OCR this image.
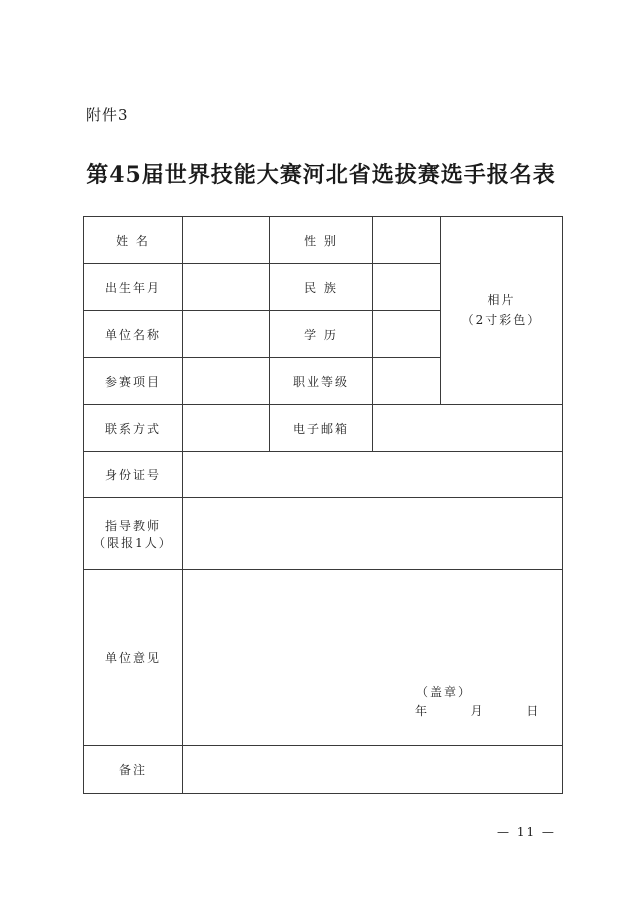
附件3
第45届世界技能大赛河北省选拔赛选手报名表
姓 名		性 别		相片
（2寸彩色）

出生年月		民 族		
单位名称		学 历		
参赛项目		职业等级		
联系方式		电子邮箱		
身份证号				

指导教师
（限报1人）				

单位意见	（盖章）
年 月 日			

备注				
— 11 —
